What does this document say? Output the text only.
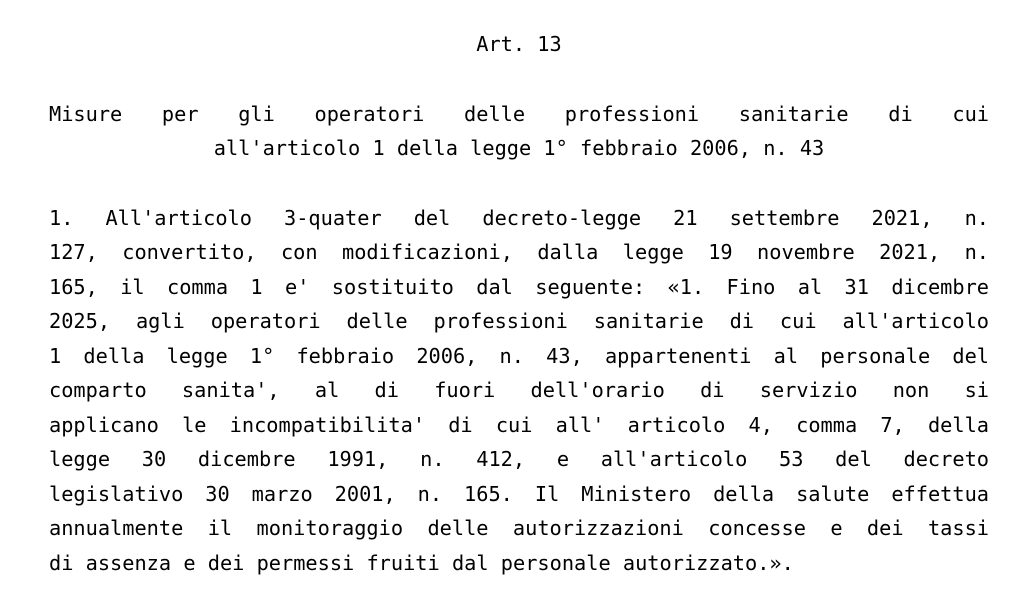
Art. 13
Misure per gli operatori delle professioni sanitarie di cui
all'articolo 1 della legge 1° febbraio 2006, n. 43
1. All'articolo 3-quater del decreto-legge 21 settembre 2021, n.
127, convertito, con modificazioni, dalla legge 19 novembre 2021, n.
165, il comma 1 e' sostituito dal seguente: «1. Fino al 31 dicembre
2025, agli operatori delle professioni sanitarie di cui all'articolo
1 della legge 1° febbraio 2006, n. 43, appartenenti al personale del
comparto sanita', al di fuori dell'orario di servizio non si
applicano le incompatibilita' di cui all' articolo 4, comma 7, della
legge 30 dicembre 1991, n. 412, e all'articolo 53 del decreto
legislativo 30 marzo 2001, n. 165. Il Ministero della salute effettua
annualmente il monitoraggio delle autorizzazioni concesse e dei tassi
di assenza e dei permessi fruiti dal personale autorizzato.».
